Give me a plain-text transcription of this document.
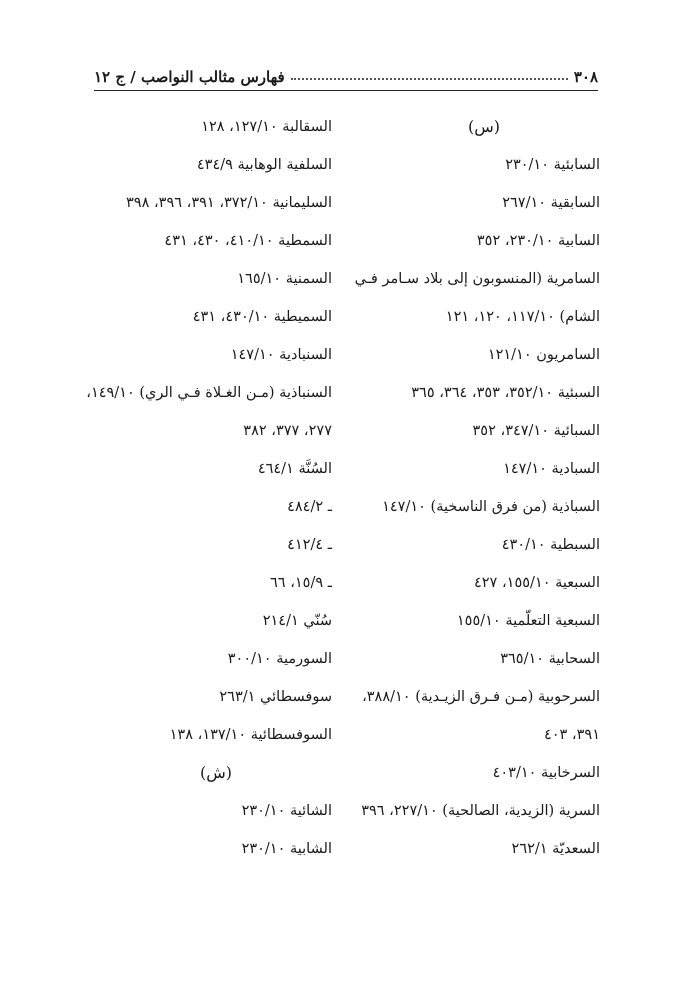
٣٠٨
فهارس مثالب النواصب / ج ١٢
(س)
السابئية ٢٣٠/١٠
السابقية ٢٦٧/١٠
السابية ٢٣٠/١٠، ٣٥٢
السامرية (المنسوبون إلى بلاد سـامر فـي
الشام) ١١٧/١٠، ١٢٠، ١٢١
السامريون ١٢١/١٠
السبئية ٣٥٢/١٠، ٣٥٣، ٣٦٤، ٣٦٥
السبائية ٣٤٧/١٠، ٣٥٢
السبادية ١٤٧/١٠
السباذية (من فرق الناسخية) ١٤٧/١٠
السبطية ٤٣٠/١٠
السبعية ١٥٥/١٠، ٤٢٧
السبعية التعلّمية ١٥٥/١٠
السحابية ٣٦٥/١٠
السرحوبية (مـن فـرق الزيـدية) ٣٨٨/١٠،
٣٩١، ٤٠٣
السرخابية ٤٠٣/١٠
السرية (الزيدية، الصالحية) ٢٢٧/١٠، ٣٩٦
السعديّة ٢٦٢/١
السقالبة ١٢٧/١٠، ١٢٨
السلفية الوهابية ٤٣٤/٩
السليمانية ٣٧٢/١٠، ٣٩١، ٣٩٦، ٣٩٨
السمطية ٤١٠/١٠، ٤٣٠، ٤٣١
السمنية ١٦٥/١٠
السميطية ٤٣٠/١٠، ٤٣١
السنبادية ١٤٧/١٠
السنباذية (مـن الغـلاة فـي الري) ١٤٩/١٠،
٢٧٧، ٣٧٧، ٣٨٢
السُنَّة ٤٦٤/١
ـ ٤٨٤/٢
ـ ٤١٢/٤
ـ ١٥/٩، ٦٦
سُنّي ٢١٤/١
السورمية ٣٠٠/١٠
سوفسطائي ٢٦٣/١
السوفسطائية ١٣٧/١٠، ١٣٨
(ش)
الشائية ٢٣٠/١٠
الشابية ٢٣٠/١٠
